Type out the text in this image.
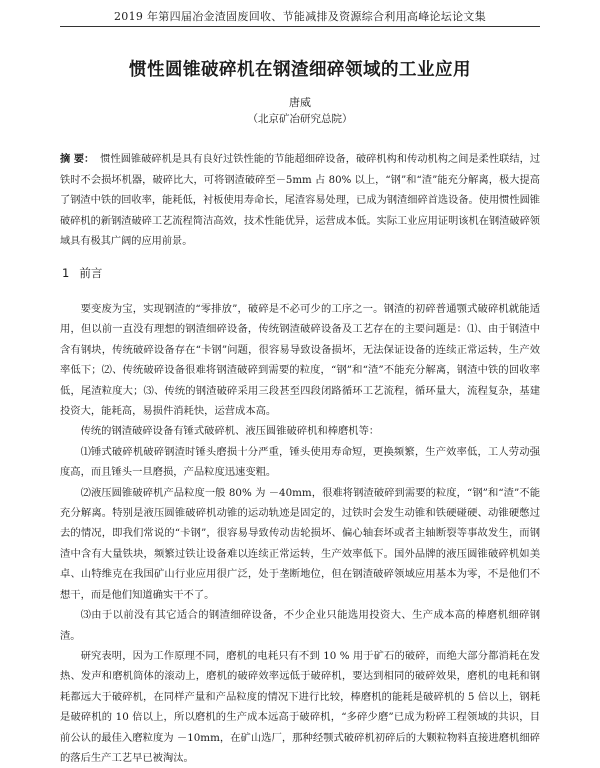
2019 年第四届冶金渣固废回收、节能减排及资源综合利用高峰论坛论文集
惯性圆锥破碎机在钢渣细碎领域的工业应用
唐威
（北京矿冶研究总院）
摘 要： 惯性圆锥破碎机是具有良好过铁性能的节能超细碎设备，破碎机构和传动机构之间是柔性联结，过铁时不会损坏机器，破碎比大，可将钢渣破碎至－5mm 占 80% 以上，“钢”和“渣”能充分解离，极大提高了钢渣中铁的回收率，能耗低，衬板使用寿命长，尾渣容易处理，已成为钢渣细碎首选设备。使用惯性圆锥破碎机的新钢渣破碎工艺流程简洁高效，技术性能优异，运营成本低。实际工业应用证明该机在钢渣破碎领域具有极其广阔的应用前景。
1 前言

要变废为宝，实现钢渣的“零排放”，破碎是不必可少的工序之一。钢渣的初碎普通颚式破碎机就能适用，但以前一直没有理想的钢渣细碎设备，传统钢渣破碎设备及工艺存在的主要问题是：⑴、由于钢渣中含有钢块，传统破碎设备存在“卡钢”问题，很容易导致设备损坏，无法保证设备的连续正常运转，生产效率低下；⑵、传统破碎设备很难将钢渣破碎到需要的粒度，“钢”和“渣”不能充分解离，钢渣中铁的回收率低，尾渣粒度大；⑶、传统的钢渣破碎采用三段甚至四段闭路循环工艺流程，循环量大，流程复杂，基建投资大，能耗高，易损件消耗快，运营成本高。

传统的钢渣破碎设备有锤式破碎机、液压圆锥破碎机和棒磨机等：

⑴锤式破碎机破碎钢渣时锤头磨损十分严重，锤头使用寿命短，更换频繁，生产效率低，工人劳动强度高，而且锤头一旦磨损，产品粒度迅速变粗。

⑵液压圆锥破碎机产品粒度一般 80% 为 －40mm，很难将钢渣破碎到需要的粒度，“钢”和“渣”不能充分解离。特别是液压圆锥破碎机动锥的运动轨迹是固定的，过铁时会发生动锥和铁硬碰硬、动锥硬憋过去的情况，即我们常说的“卡钢”，很容易导致传动齿轮损坏、偏心轴套坏或者主轴断裂等事故发生，而钢渣中含有大量铁块，频繁过铁让设备难以连续正常运转，生产效率低下。国外品牌的液压圆锥破碎机如美卓、山特维克在我国矿山行业应用很广泛，处于垄断地位，但在钢渣破碎领域应用基本为零，不是他们不想干，而是他们知道确实干不了。

⑶由于以前没有其它适合的钢渣细碎设备，不少企业只能选用投资大、生产成本高的棒磨机细碎钢渣。

研究表明，因为工作原理不同，磨机的电耗只有不到 10 % 用于矿石的破碎，而绝大部分都消耗在发热、发声和磨机筒体的滚动上，磨机的破碎效率远低于破碎机，要达到相同的破碎效果，磨机的电耗和钢耗都远大于破碎机，在同样产量和产品粒度的情况下进行比较，棒磨机的能耗是破碎机的 5 倍以上，钢耗是破碎机的 10 倍以上，所以磨机的生产成本远高于破碎机，“多碎少磨”已成为粉碎工程领域的共识，目前公认的最佳入磨粒度为 －10mm，在矿山选厂，那种经颚式破碎机初碎后的大颗粒物料直接进磨机细碎的落后生产工艺早已被淘汰。
